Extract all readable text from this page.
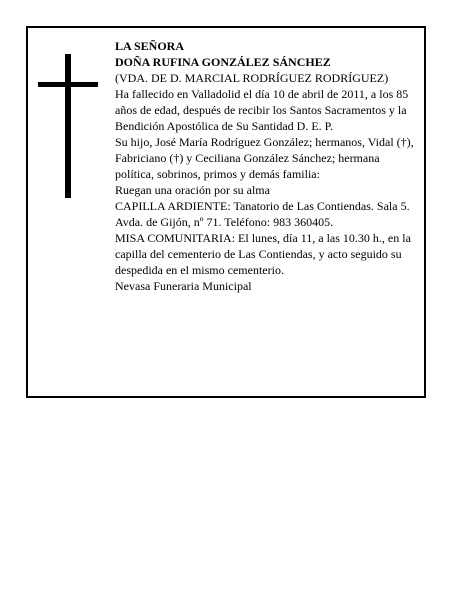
LA SEÑORA

DOÑA RUFINA GONZÁLEZ SÁNCHEZ

(VDA. DE D. MARCIAL RODRÍGUEZ RODRÍGUEZ)

Ha fallecido en Valladolid el día 10 de abril de 2011, a los 85 años de edad, después de recibir los Santos Sacramentos y la Bendición Apostólica de Su Santidad D. E. P.

Su hijo, José María Rodríguez González; hermanos, Vidal (†), Fabriciano (†) y Ceciliana González Sánchez; hermana política, sobrinos, primos y demás familia:

Ruegan una oración por su alma

CAPILLA ARDIENTE: Tanatorio de Las Contiendas. Sala 5. Avda. de Gijón, nº 71. Teléfono: 983 360405.

MISA COMUNITARIA: El lunes, día 11, a las 10.30 h., en la capilla del cementerio de Las Contiendas, y acto seguido su despedida en el mismo cementerio.

Nevasa Funeraria Municipal
